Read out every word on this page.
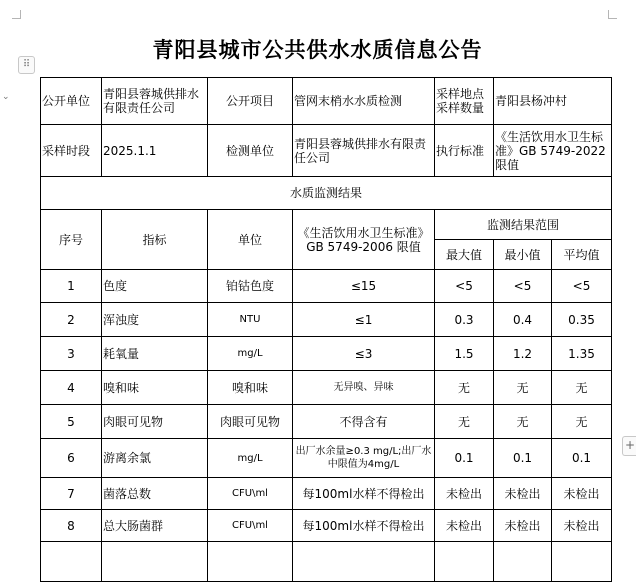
⠿
⌄
+
青阳县城市公共供水水质信息公告
公开单位	青阳县蓉城供排水有限责任公司	公开项目	管网末梢水水质检测	采样地点采样数量	青阳县杨冲村	
采样时段	2025.1.1	检测单位	青阳县蓉城供排水有限责任公司	执行标准	《生活饮用水卫生标准》GB 5749-2022 限值	
水质监测结果						
序号	指标	单位	《生活饮用水卫生标准》GB 5749-2006 限值	监测结果范围		
				最大值	最小值	平均值
1	色度	铂钴色度	≤15	<5	<5	<5
2	浑浊度	NTU	≤1	0.3	0.4	0.35
3	耗氧量	mg/L	≤3	1.5	1.2	1.35
4	嗅和味	嗅和味	无异嗅、异味	无	无	无
5	肉眼可见物	肉眼可见物	不得含有	无	无	无
6	游离余氯	mg/L	出厂水余量≥0.3 mg/L;出厂水中限值为4mg/L	0.1	0.1	0.1
7	菌落总数	CFU\ml	每100ml水样不得检出	未检出	未检出	未检出
8	总大肠菌群	CFU\ml	每100ml水样不得检出	未检出	未检出	未检出
